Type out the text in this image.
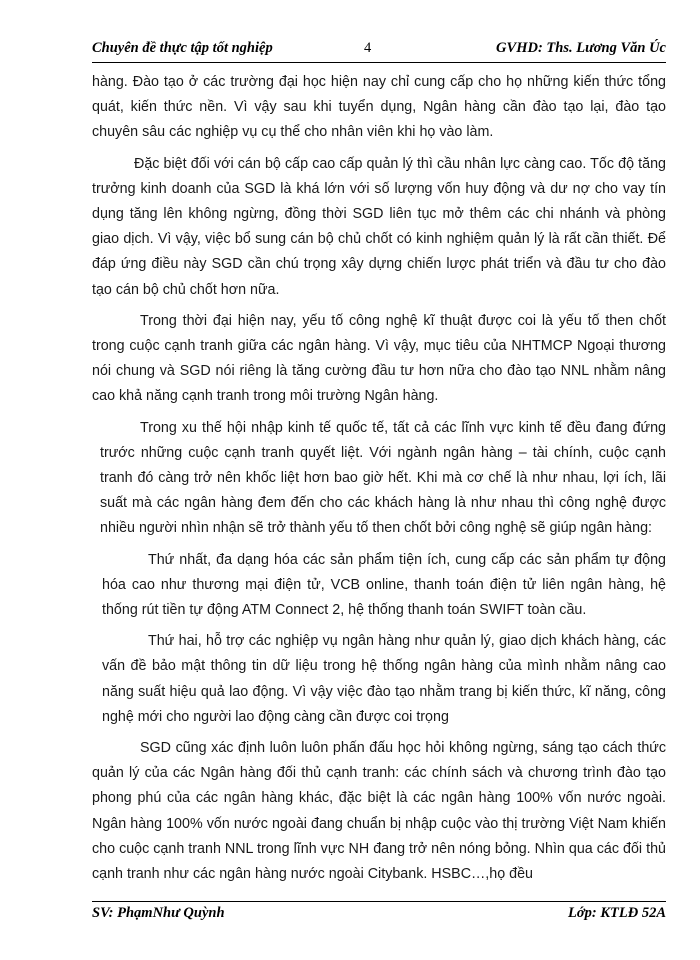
Chuyên đề thực tập tốt nghiệp	4	GVHD: Ths. Lương Văn Úc

hàng. Đào tạo ở các trường đại học hiện nay chỉ cung cấp cho họ những kiến thức tổng quát, kiến thức nền. Vì vậy sau khi tuyển dụng, Ngân hàng cần đào tạo lại, đào tạo chuyên sâu các nghiệp vụ cụ thể cho nhân viên khi họ vào làm.

Đặc biệt đối với cán bộ cấp cao cấp quản lý thì cầu nhân lực càng cao. Tốc độ tăng trưởng kinh doanh của SGD là khá lớn với số lượng vốn huy động và dư nợ cho vay tín dụng tăng lên không ngừng, đồng thời SGD liên tục mở thêm các chi nhánh và phòng giao dịch. Vì vậy, việc bổ sung cán bộ chủ chốt có kinh nghiệm quản lý là rất cần thiết. Để đáp ứng điều này SGD cần chú trọng xây dựng chiến lược phát triển và đầu tư cho đào tạo cán bộ chủ chốt hơn nữa.

Trong thời đại hiện nay, yếu tố công nghệ kĩ thuật được coi là yếu tố then chốt trong cuộc cạnh tranh giữa các ngân hàng. Vì vậy, mục tiêu của NHTMCP Ngoại thương nói chung và SGD nói riêng là tăng cường đầu tư hơn nữa cho đào tạo NNL nhằm nâng cao khả năng cạnh tranh trong môi trường Ngân hàng.

Trong xu thế hội nhập kinh tế quốc tế, tất cả các lĩnh vực kinh tế đều đang đứng trước những cuộc cạnh tranh quyết liệt. Với ngành ngân hàng – tài chính, cuộc cạnh tranh đó càng trở nên khốc liệt hơn bao giờ hết. Khi mà cơ chế là như nhau, lợi ích, lãi suất mà các ngân hàng đem đến cho các khách hàng là như nhau thì công nghệ được nhiều người nhìn nhận sẽ trở thành yếu tố then chốt bởi công nghệ sẽ giúp ngân hàng:

Thứ nhất, đa dạng hóa các sản phẩm tiện ích, cung cấp các sản phẩm tự động hóa cao như thương mại điện tử, VCB online, thanh toán điện tử liên ngân hàng, hệ thống rút tiền tự động ATM Connect 2, hệ thống thanh toán SWIFT toàn cầu.

Thứ hai, hỗ trợ các nghiệp vụ ngân hàng như quản lý, giao dịch khách hàng, các vấn đề bảo mật thông tin dữ liệu trong hệ thống ngân hàng của mình nhằm nâng cao năng suất hiệu quả lao động. Vì vậy việc đào tạo nhằm trang bị kiến thức, kĩ năng, công nghệ mới cho người lao động càng cần được coi trọng

SGD cũng xác định luôn luôn phấn đấu học hỏi không ngừng, sáng tạo cách thức quản lý của các Ngân hàng đối thủ cạnh tranh: các chính sách và chương trình đào tạo phong phú của các ngân hàng khác, đặc biệt là các ngân hàng 100% vốn nước ngoài. Ngân hàng 100% vốn nước ngoài đang chuẩn bị nhập cuộc vào thị trường Việt Nam khiến cho cuộc cạnh tranh NNL trong lĩnh vực NH đang trở nên nóng bỏng. Nhìn qua các đối thủ cạnh tranh như các ngân hàng nước ngoài Citybank. HSBC…,họ đều

SV: PhạmNhư Quỳnh	Lớp: KTLĐ 52A
